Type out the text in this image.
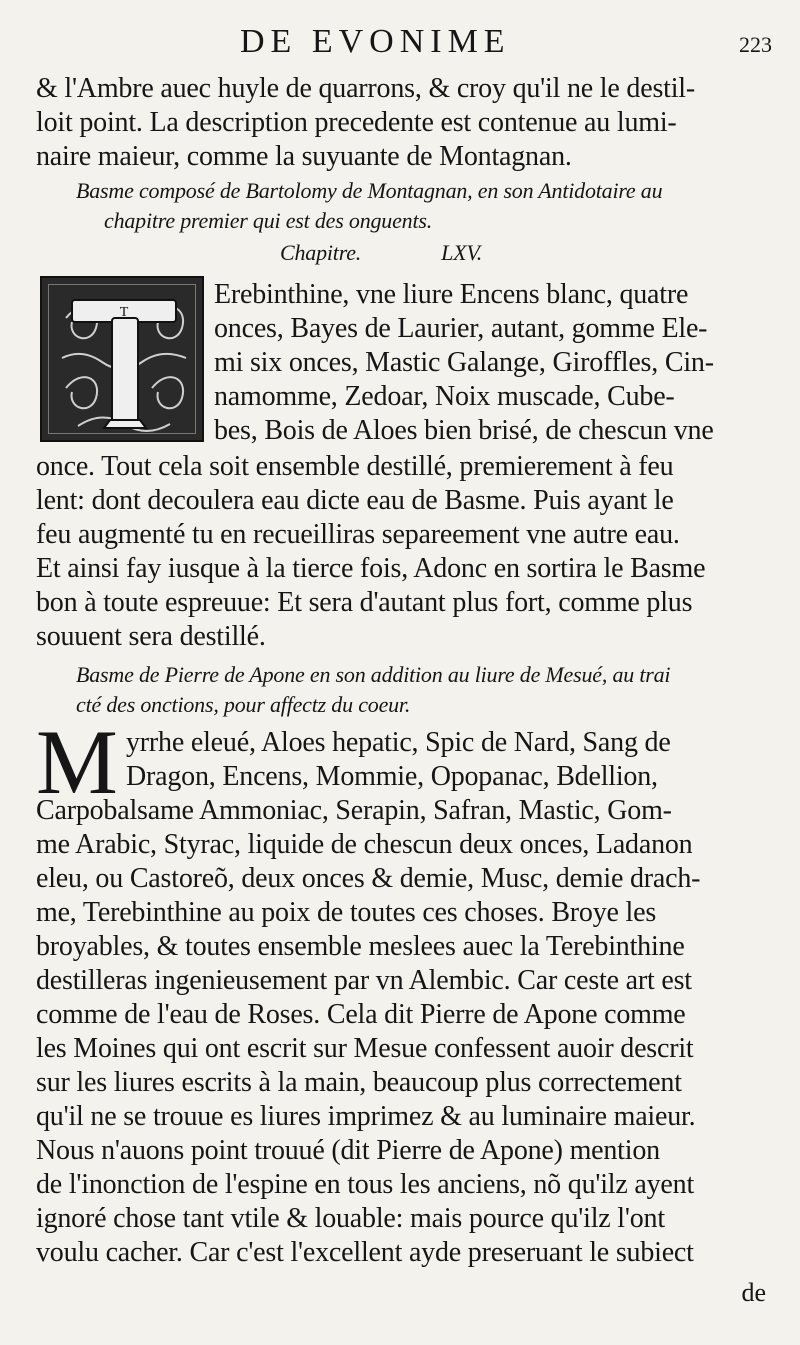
DE EVONIME	223
& l'Ambre auec huyle de quarrons, & croy qu'il ne le destil-
loit point. La description precedente est contenue au lumi-
naire maieur, comme la suyuante de Montagnan.
Basme composé de Bartolomy de Montagnan, en son Antidotaire au
chapitre premier qui est des onguents.
Chapitre.	LXV.
T
Erebinthine, vne liure Encens blanc, quatre
onces, Bayes de Laurier, autant, gomme Ele-
mi six onces, Mastic Galange, Giroffles, Cin-
namomme, Zedoar, Noix muscade, Cube-
bes, Bois de Aloes bien brisé, de chescun vne
once. Tout cela soit ensemble destillé, premierement à feu
lent: dont decoulera eau dicte eau de Basme. Puis ayant le
feu augmenté tu en recueilliras separeement vne autre eau.
Et ainsi fay iusque à la tierce fois, Adonc en sortira le Basme
bon à toute espreuue: Et sera d'autant plus fort, comme plus
souuent sera destillé.
Basme de Pierre de Apone en son addition au liure de Mesué, au trai
cté des onctions, pour affectz du coeur.
M yrrhe eleué, Aloes hepatic, Spic de Nard, Sang de
Dragon, Encens, Mommie, Opopanac, Bdellion,
Carpobalsame Ammoniac, Serapin, Safran, Mastic, Gom-
me Arabic, Styrac, liquide de chescun deux onces, Ladanon
eleu, ou Castoreõ, deux onces & demie, Musc, demie drach-
me, Terebinthine au poix de toutes ces choses. Broye les
broyables, & toutes ensemble meslees auec la Terebinthine
destilleras ingenieusement par vn Alembic. Car ceste art est
comme de l'eau de Roses. Cela dit Pierre de Apone comme
les Moines qui ont escrit sur Mesue confessent auoir descrit
sur les liures escrits à la main, beaucoup plus correctement
qu'il ne se trouue es liures imprimez & au luminaire maieur.
Nous n'auons point trouué (dit Pierre de Apone) mention
de l'inonction de l'espine en tous les anciens, nõ qu'ilz ayent
ignoré chose tant vtile & louable: mais pource qu'ilz l'ont
voulu cacher. Car c'est l'excellent ayde preseruant le subiect
de
